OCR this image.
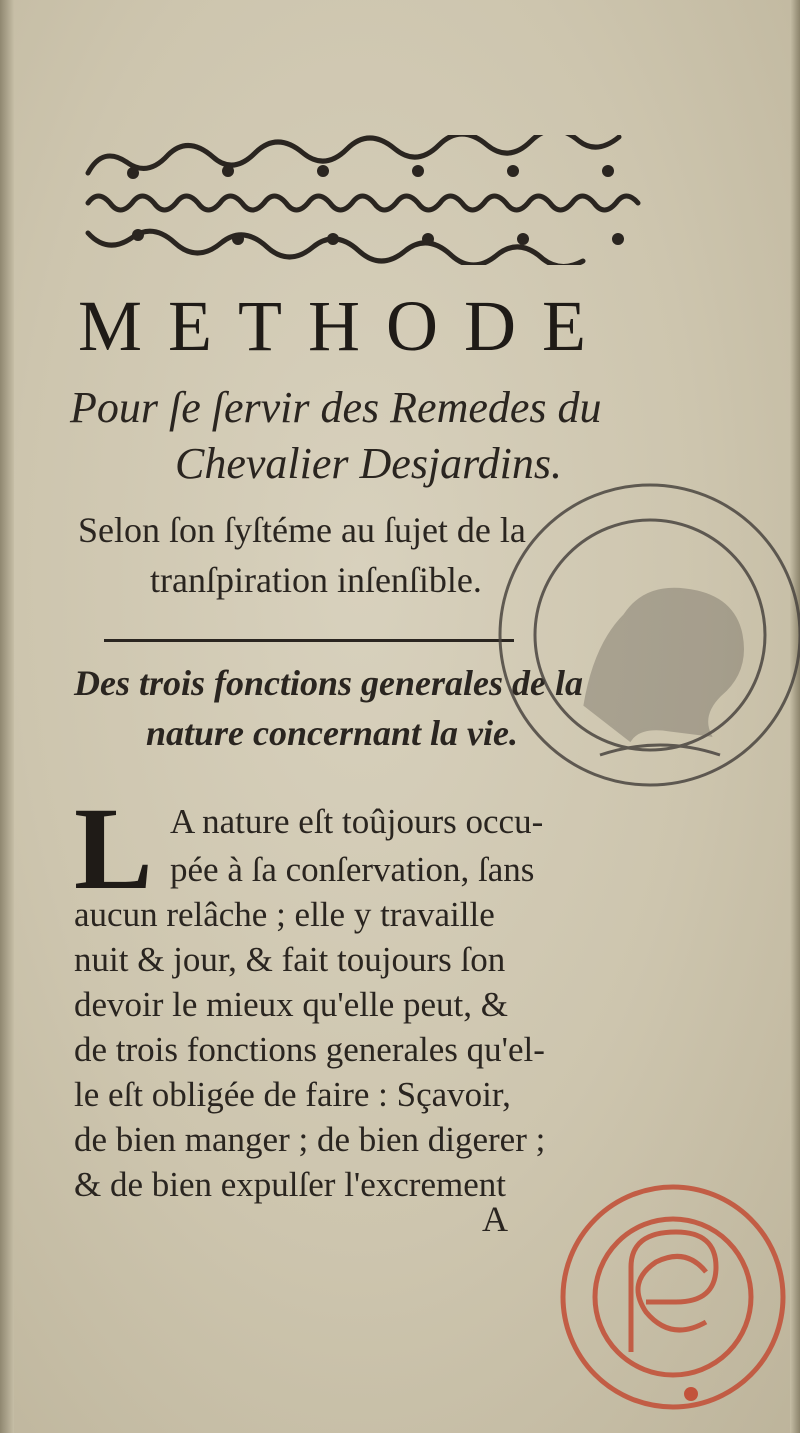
METHODE
Pour ſe ſervir des Remedes du
Chevalier Desjardins.
Selon ſon ſyſtéme au ſujet de la
tranſpiration inſenſible.
Des trois fonctions generales de la
nature concernant la vie.
L A nature eſt toûjours occu-
pée à ſa conſervation, ſans
aucun relâche ; elle y travaille
nuit & jour, & fait toujours ſon
devoir le mieux qu'elle peut, &
de trois fonctions generales qu'el-
le eſt obligée de faire : Sçavoir,
de bien manger ; de bien digerer ;
& de bien expulſer l'excrement
A
